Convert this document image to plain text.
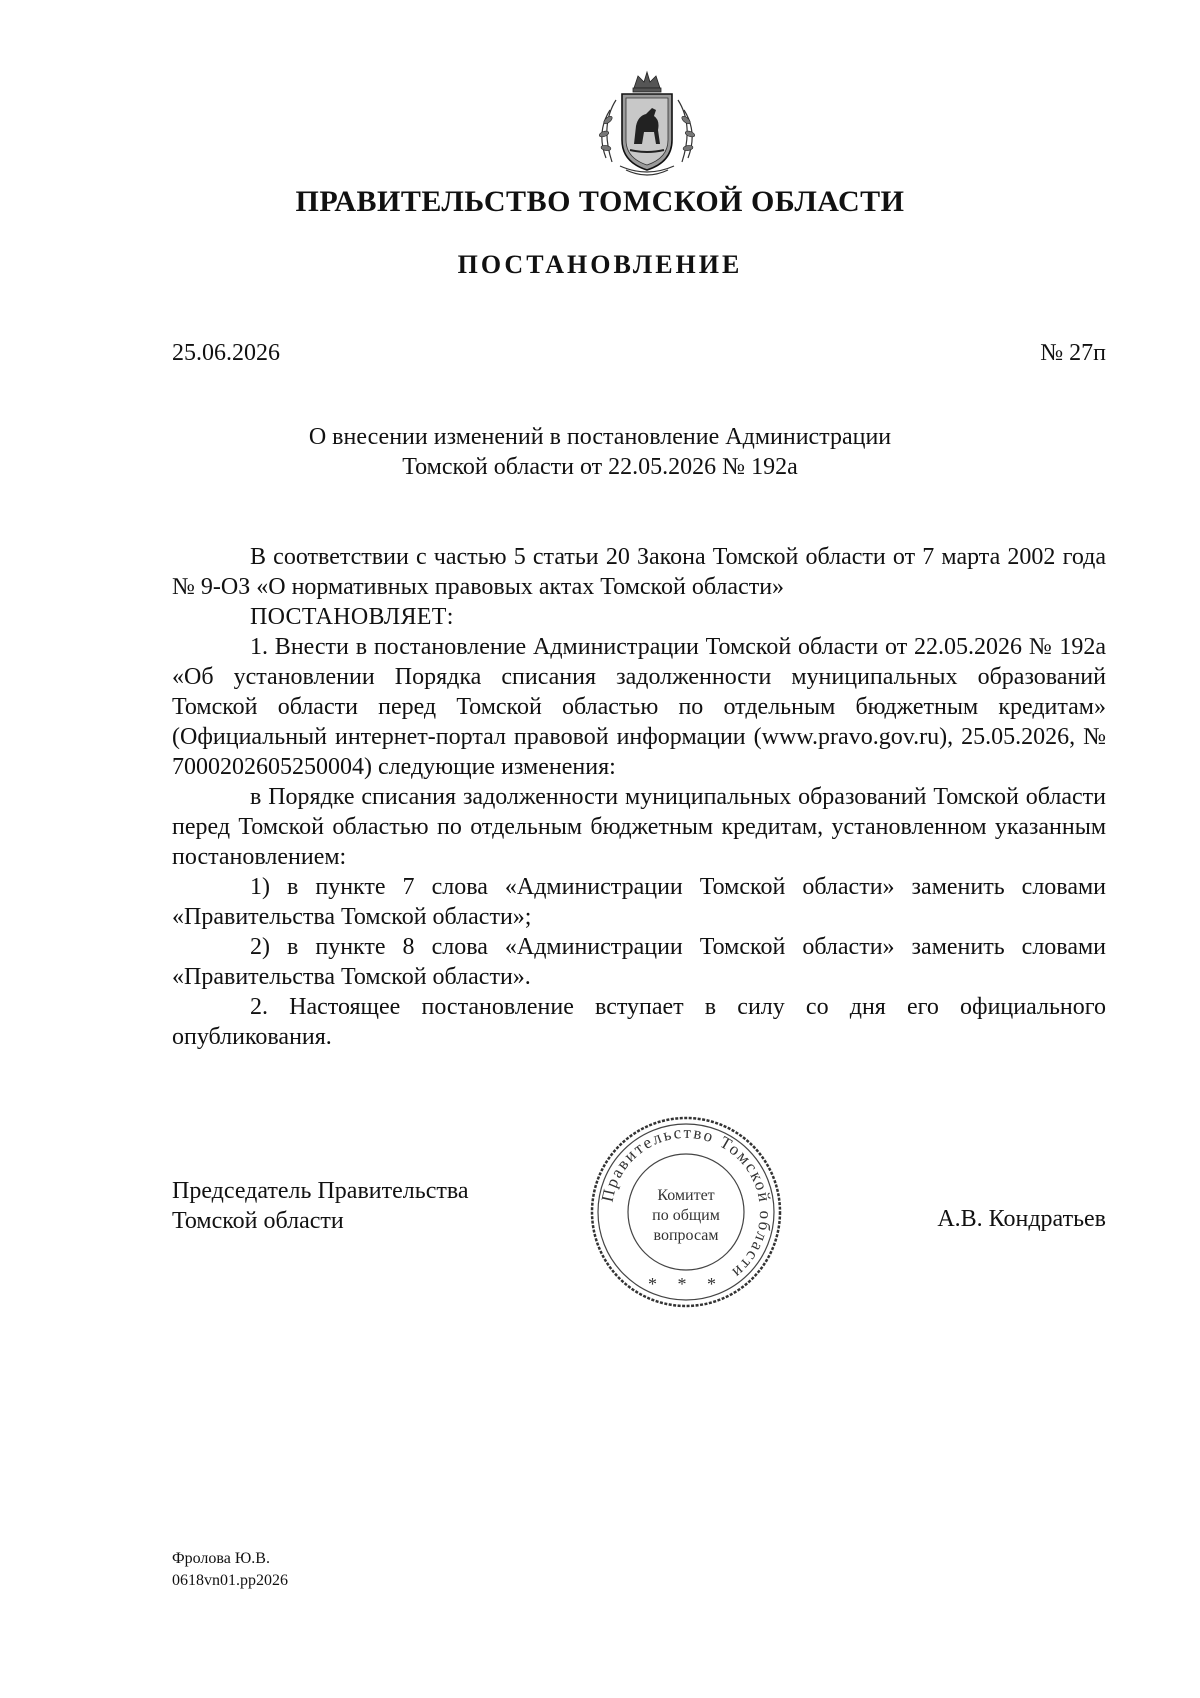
ПРАВИТЕЛЬСТВО ТОМСКОЙ ОБЛАСТИ
ПОСТАНОВЛЕНИЕ
25.06.2026	№ 27п
О внесении изменений в постановление Администрации
Томской области от 22.05.2026 № 192а

В соответствии с частью 5 статьи 20 Закона Томской области от 7 марта 2002 года № 9-ОЗ «О нормативных правовых актах Томской области»

ПОСТАНОВЛЯЕТ:

1. Внести в постановление Администрации Томской области от 22.05.2026 № 192а «Об установлении Порядка списания задолженности муниципальных образований Томской области перед Томской областью по отдельным бюджетным кредитам» (Официальный интернет-портал правовой информации (www.pravo.gov.ru), 25.05.2026, № 7000202605250004) следующие изменения:

в Порядке списания задолженности муниципальных образований Томской области перед Томской областью по отдельным бюджетным кредитам, установленном указанным постановлением:

1) в пункте 7 слова «Администрации Томской области» заменить словами «Правительства Томской области»;

2) в пункте 8 слова «Администрации Томской области» заменить словами «Правительства Томской области».

2. Настоящее постановление вступает в силу со дня его официального опубликования.

Председатель Правительства
Томской области
Правительство Томской области
Комитет
по общим
вопросам
* * *
А.В. Кондратьев
Фролова Ю.В.
0618vn01.pp2026
